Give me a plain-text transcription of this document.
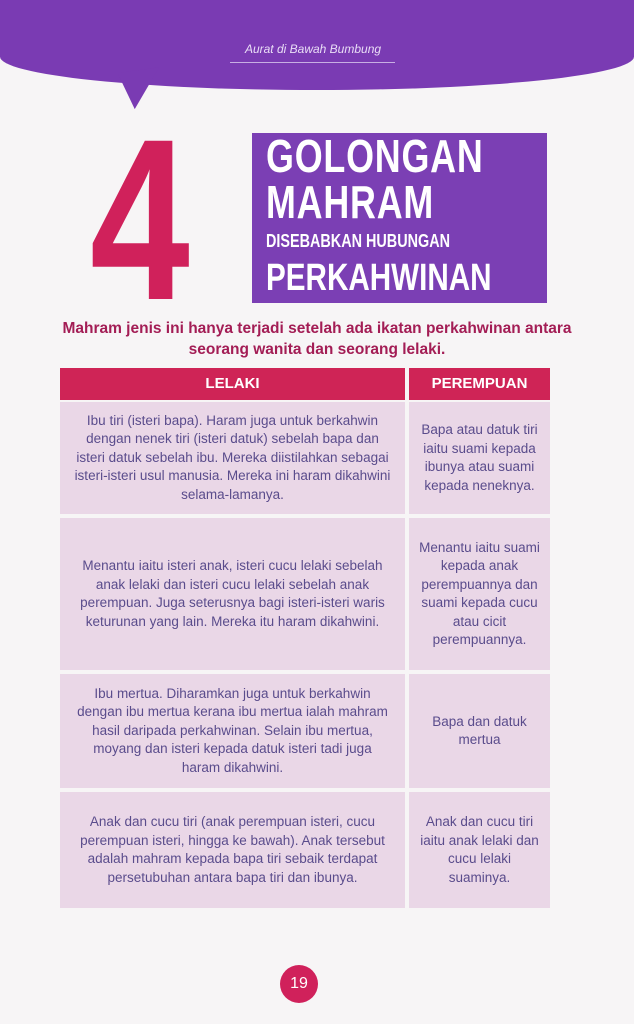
Aurat di Bawah Bumbung
4 GOLONGAN
MAHRAM
DISEBABKAN HUBUNGAN
PERKAHWINAN
Mahram jenis ini hanya terjadi setelah ada ikatan perkahwinan antara seorang wanita dan seorang lelaki.
LELAKI	PEREMPUAN
Ibu tiri (isteri bapa). Haram juga untuk berkahwin dengan nenek tiri (isteri datuk) sebelah bapa dan isteri datuk sebelah ibu. Mereka diistilahkan sebagai isteri-isteri usul manusia. Mereka ini haram dikahwini selama-lamanya.
Bapa atau datuk tiri iaitu suami kepada ibunya atau suami kepada neneknya.
Menantu iaitu isteri anak, isteri cucu lelaki sebelah anak lelaki dan isteri cucu lelaki sebelah anak perempuan. Juga seterusnya bagi isteri-isteri waris keturunan yang lain. Mereka itu haram dikahwini.
Menantu iaitu suami kepada anak perempuannya dan suami kepada cucu atau cicit perempuannya.
Ibu mertua. Diharamkan juga untuk berkahwin dengan ibu mertua kerana ibu mertua ialah mahram hasil daripada perkahwinan. Selain ibu mertua, moyang dan isteri kepada datuk isteri tadi juga haram dikahwini.
Bapa dan datuk mertua
Anak dan cucu tiri (anak perempuan isteri, cucu perempuan isteri, hingga ke bawah). Anak tersebut adalah mahram kepada bapa tiri sebaik terdapat persetubuhan antara bapa tiri dan ibunya.
Anak dan cucu tiri iaitu anak lelaki dan cucu lelaki suaminya.
19
